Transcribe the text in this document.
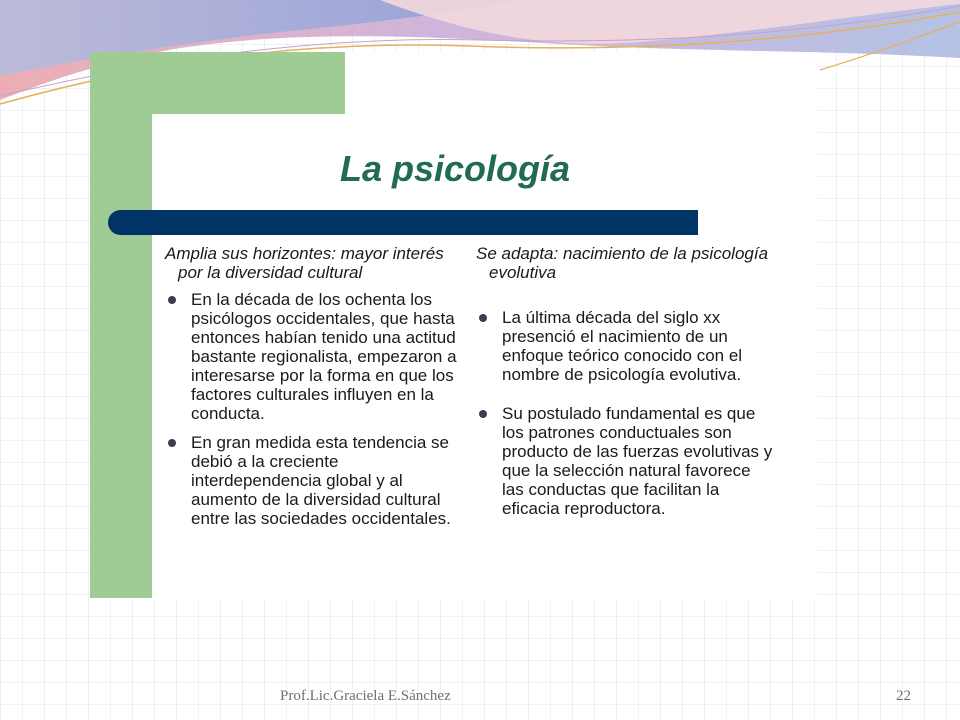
La psicología
Amplia sus horizontes: mayor interés por la diversidad cultural
En la década de los ochenta los psicólogos occidentales, que hasta entonces habían tenido una actitud bastante regionalista, empezaron a interesarse por la forma en que los factores culturales influyen en la conducta.
En gran medida esta tendencia se debió a la creciente interdependencia global y al aumento de la diversidad cultural entre las sociedades occidentales.
Se adapta: nacimiento de la psicología evolutiva
La última década del siglo xx presenció el nacimiento de un enfoque teórico conocido con el nombre de psicología evolutiva.
Su postulado fundamental es que los patrones conductuales son producto de las fuerzas evolutivas y que la selección natural favorece las conductas que facilitan la eficacia reproductora.
Prof.Lic.Graciela E.Sánchez	22
